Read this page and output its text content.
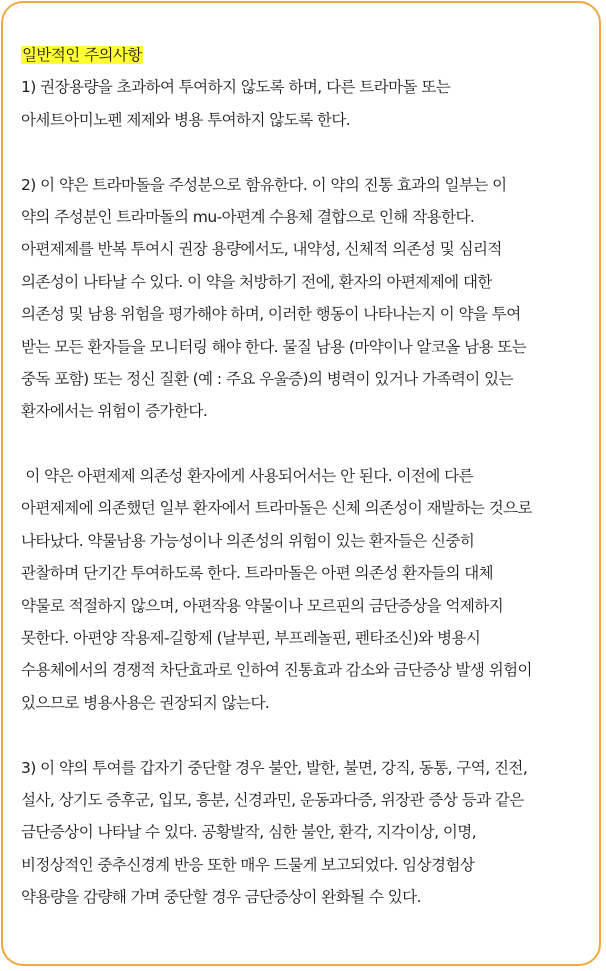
일반적인 주의사항
1) 권장용량을 초과하여 투여하지 않도록 하며, 다른 트라마돌 또는
아세트아미노펜 제제와 병용 투여하지 않도록 한다.
2) 이 약은 트라마돌을 주성분으로 함유한다. 이 약의 진통 효과의 일부는 이
약의 주성분인 트라마돌의 mu-아편계 수용체 결합으로 인해 작용한다.
아편제제를 반복 투여시 권장 용량에서도, 내약성, 신체적 의존성 및 심리적
의존성이 나타날 수 있다. 이 약을 처방하기 전에, 환자의 아편제제에 대한
의존성 및 남용 위험을 평가해야 하며, 이러한 행동이 나타나는지 이 약을 투여
받는 모든 환자들을 모니터링 해야 한다. 물질 남용 (마약이나 알코올 남용 또는
중독 포함) 또는 정신 질환 (예 : 주요 우울증)의 병력이 있거나 가족력이 있는
환자에서는 위험이 증가한다.
이 약은 아편제제 의존성 환자에게 사용되어서는 안 된다. 이전에 다른
아편제제에 의존했던 일부 환자에서 트라마돌은 신체 의존성이 재발하는 것으로
나타났다. 약물남용 가능성이나 의존성의 위험이 있는 환자들은 신중히
관찰하며 단기간 투여하도록 한다. 트라마돌은 아편 의존성 환자들의 대체
약물로 적절하지 않으며, 아편작용 약물이나 모르핀의 금단증상을 억제하지
못한다. 아편양 작용제-길항제 (날부핀, 부프레놀핀, 펜타조신)와 병용시
수용체에서의 경쟁적 차단효과로 인하여 진통효과 감소와 금단증상 발생 위험이
있으므로 병용사용은 권장되지 않는다.
3) 이 약의 투여를 갑자기 중단할 경우 불안, 발한, 불면, 강직, 동통, 구역, 진전,
설사, 상기도 증후군, 입모, 흥분, 신경과민, 운동과다증, 위장관 증상 등과 같은
금단증상이 나타날 수 있다. 공황발작, 심한 불안, 환각, 지각이상, 이명,
비정상적인 중추신경계 반응 또한 매우 드물게 보고되었다. 임상경험상
약용량을 감량해 가며 중단할 경우 금단증상이 완화될 수 있다.
